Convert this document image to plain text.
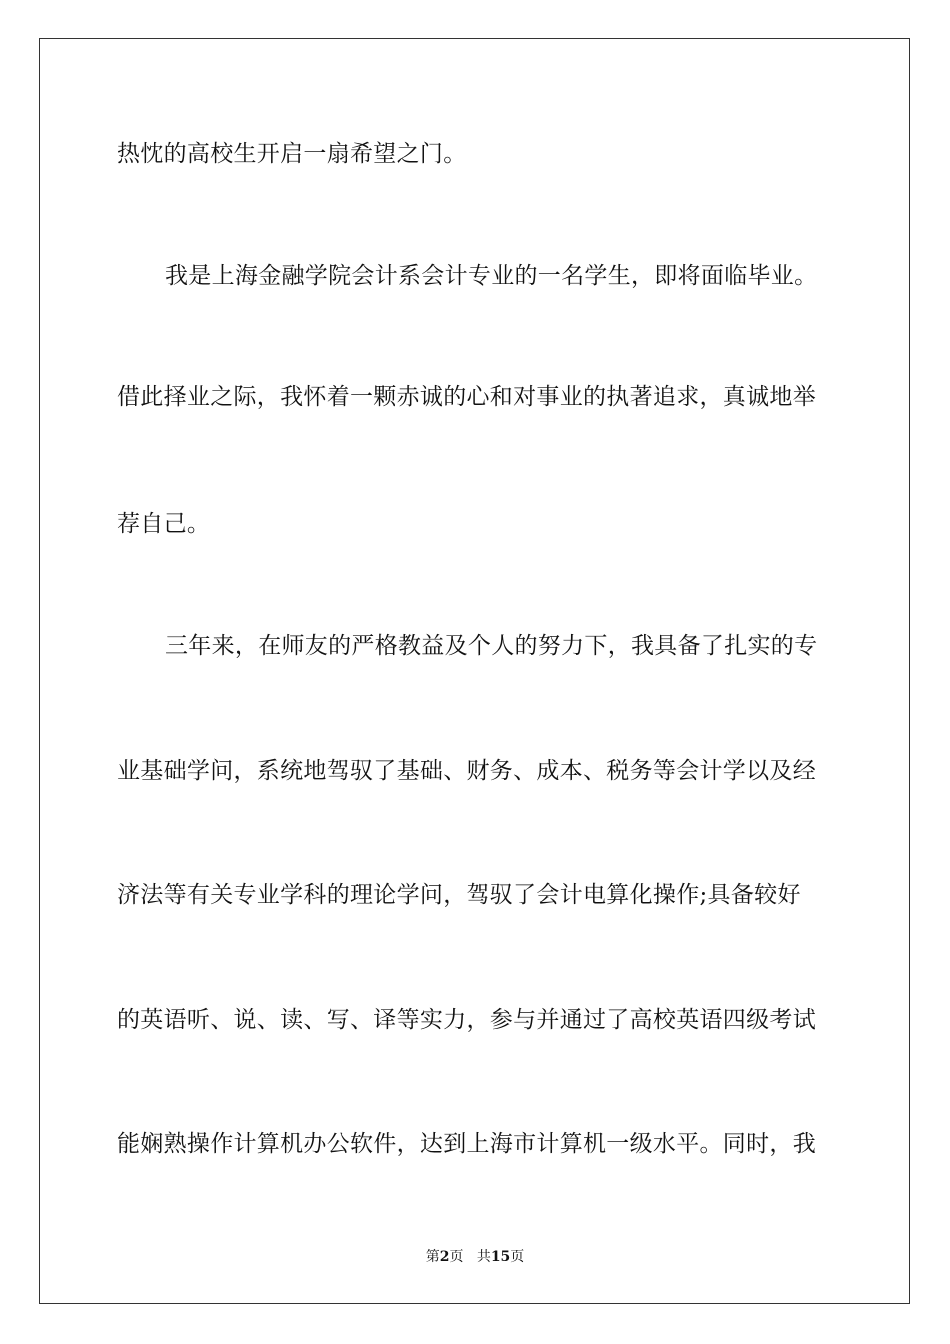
热忱的高校生开启一扇希望之门。
我是上海金融学院会计系会计专业的一名学生，即将面临毕业。
借此择业之际，我怀着一颗赤诚的心和对事业的执著追求，真诚地举
荐自己。
三年来，在师友的严格教益及个人的努力下，我具备了扎实的专
业基础学问，系统地驾驭了基础、财务、成本、税务等会计学以及经
济法等有关专业学科的理论学问，驾驭了会计电算化操作;具备较好
的英语听、说、读、写、译等实力，参与并通过了高校英语四级考试
能娴熟操作计算机办公软件，达到上海市计算机一级水平。同时，我
第2页 共15页
